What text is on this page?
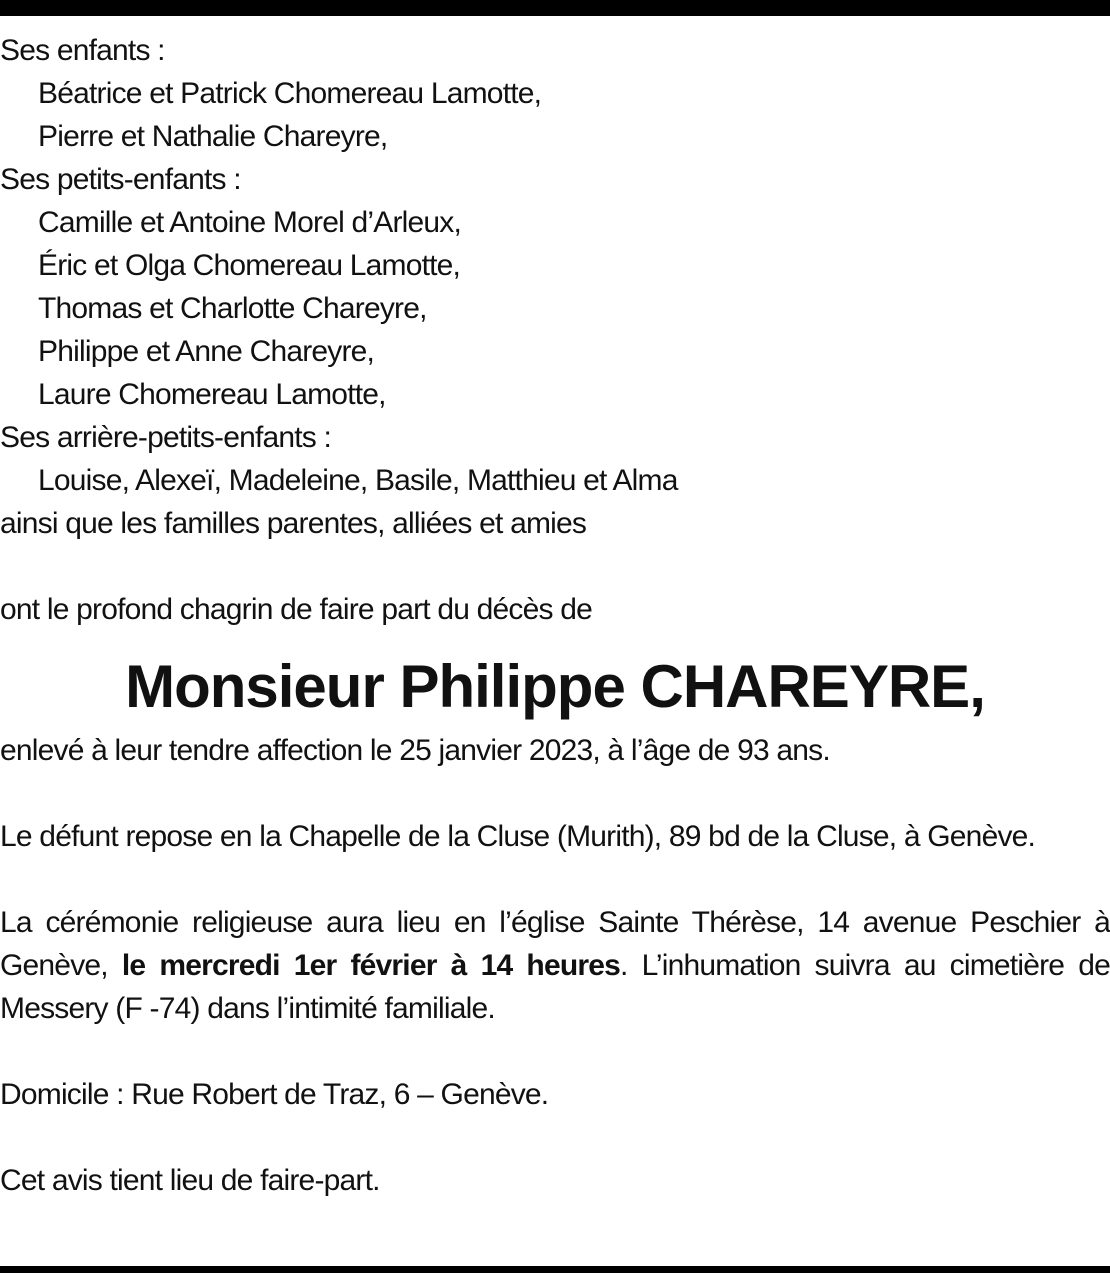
Ses enfants :
Béatrice et Patrick Chomereau Lamotte,
Pierre et Nathalie Chareyre,
Ses petits-enfants :
Camille et Antoine Morel d’Arleux,
Éric et Olga Chomereau Lamotte,
Thomas et Charlotte Chareyre,
Philippe et Anne Chareyre,
Laure Chomereau Lamotte,
Ses arrière-petits-enfants :
Louise, Alexeï, Madeleine, Basile, Matthieu et Alma
ainsi que les familles parentes, alliées et amies
ont le profond chagrin de faire part du décès de
Monsieur Philippe CHAREYRE,
enlevé à leur tendre affection le 25 janvier 2023, à l’âge de 93 ans.
Le défunt repose en la Chapelle de la Cluse (Murith), 89 bd de la Cluse, à Genève.
La cérémonie religieuse aura lieu en l’église Sainte Thérèse, 14 avenue Peschier à Genève, le mercredi 1er février à 14 heures. L’inhumation suivra au cimetière de Messery (F -74) dans l’intimité familiale.
Domicile : Rue Robert de Traz, 6 – Genève.
Cet avis tient lieu de faire-part.
